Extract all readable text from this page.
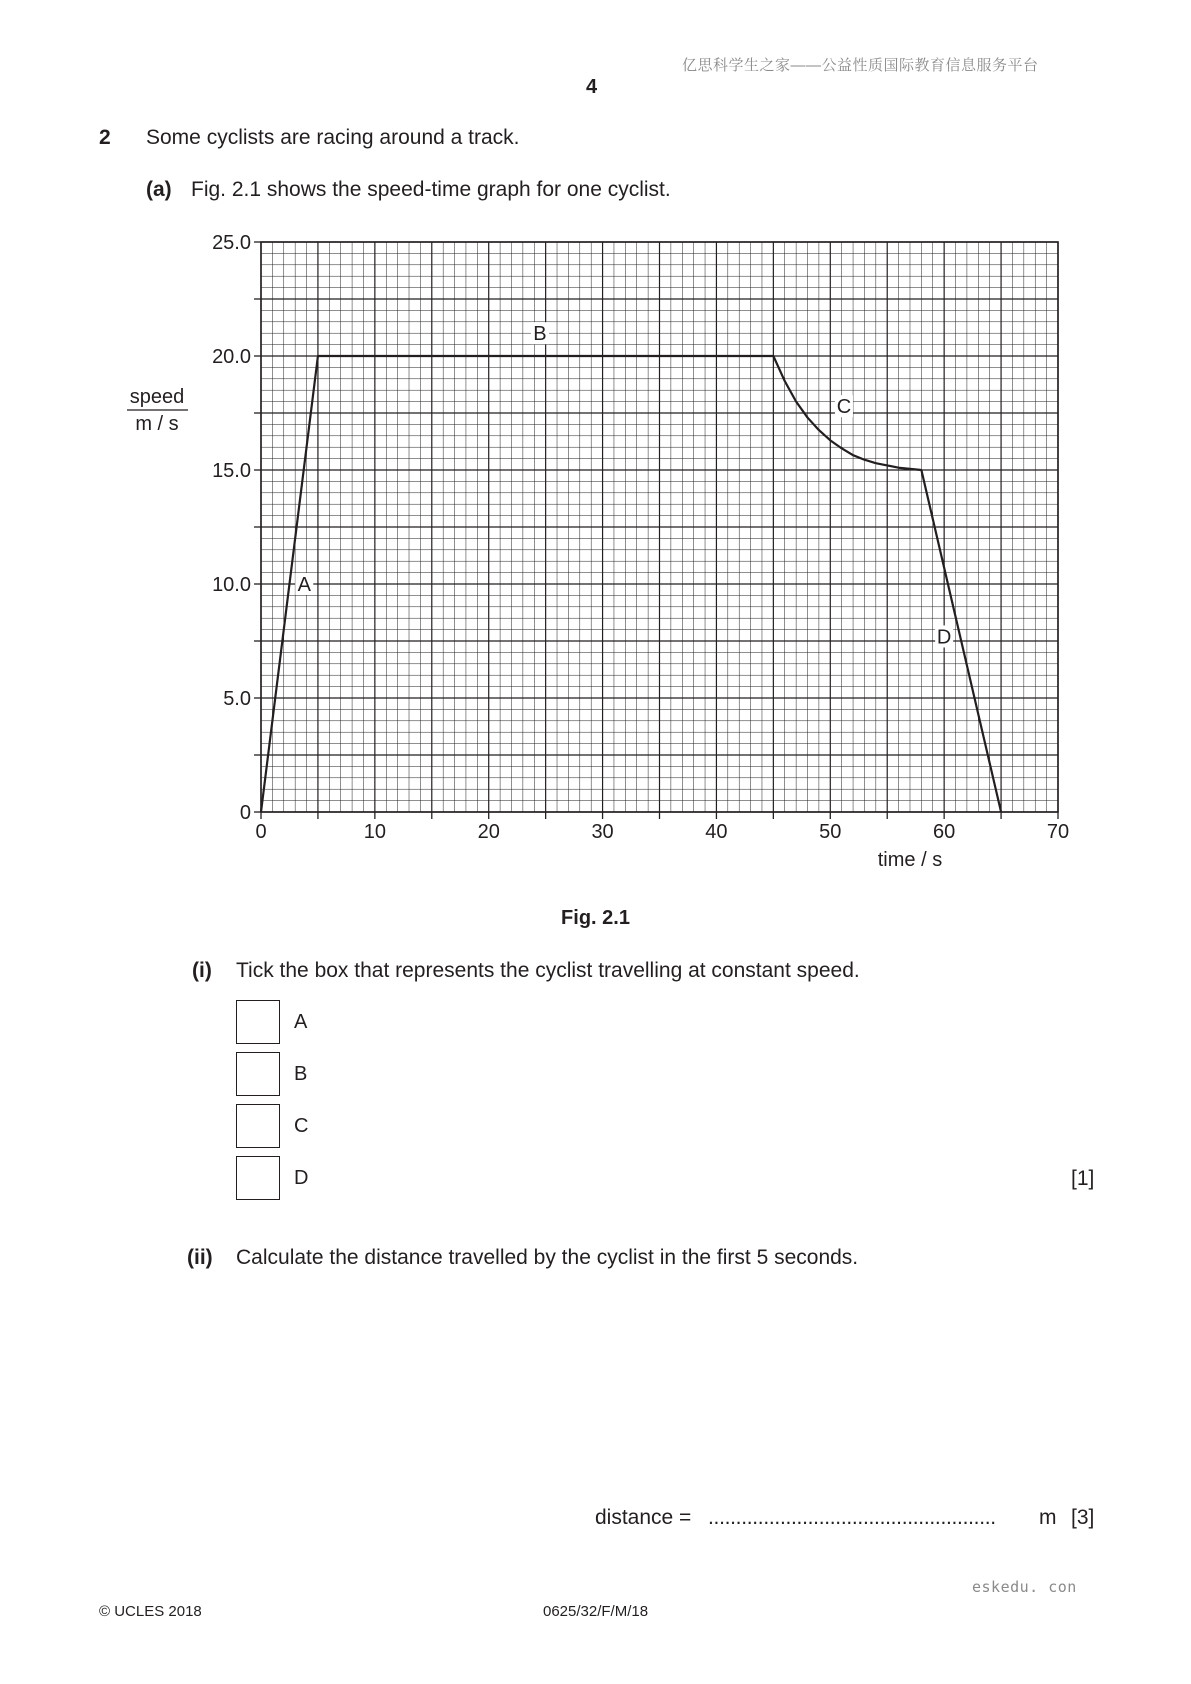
亿思科学生之家——公益性质国际教育信息服务平台
4
2 Some cyclists are racing around a track.
(a) Fig. 2.1 shows the speed-time graph for one cyclist.
0	10	20	30	40	50	60	70
0
5.0
10.0
15.0
20.0
25.0
A
B
C
D
speed
m / s
time / s
Fig. 2.1
(i) Tick the box that represents the cyclist travelling at constant speed.
A
B
C
D	[1]
(ii) Calculate the distance travelled by the cyclist in the first 5 seconds.
distance = .................................................... m [3]
eskedu. con
© UCLES 2018	0625/32/F/M/18
